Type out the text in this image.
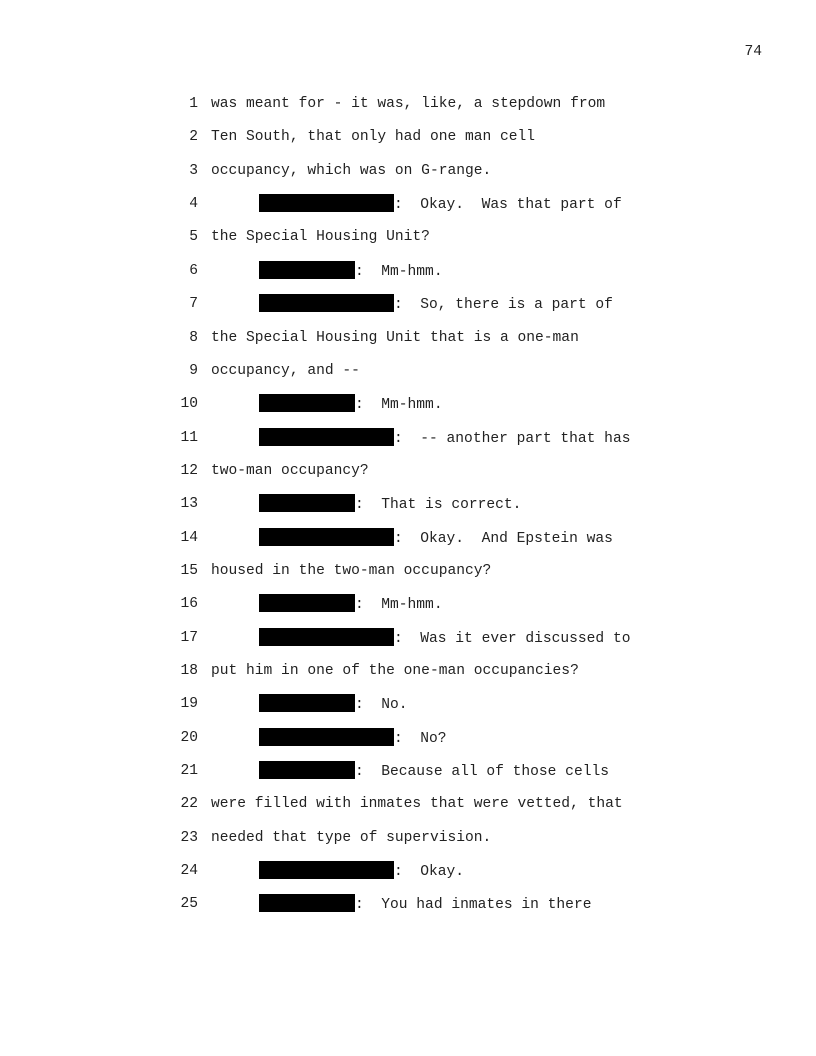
74
1 was meant for - it was, like, a stepdown from
2 Ten South, that only had one man cell
3 occupancy, which was on G-range.
4	:  Okay.  Was that part of
5 the Special Housing Unit?
6	:  Mm-hmm.
7	:  So, there is a part of
8 the Special Housing Unit that is a one-man
9 occupancy, and --
10	:  Mm-hmm.
11	:  -- another part that has
12 two-man occupancy?
13	:  That is correct.
14	:  Okay.  And Epstein was
15 housed in the two-man occupancy?
16	:  Mm-hmm.
17	:  Was it ever discussed to
18 put him in one of the one-man occupancies?
19	:  No.
20	:  No?
21	:  Because all of those cells
22 were filled with inmates that were vetted, that
23 needed that type of supervision.
24	:  Okay.
25	:  You had inmates in there
